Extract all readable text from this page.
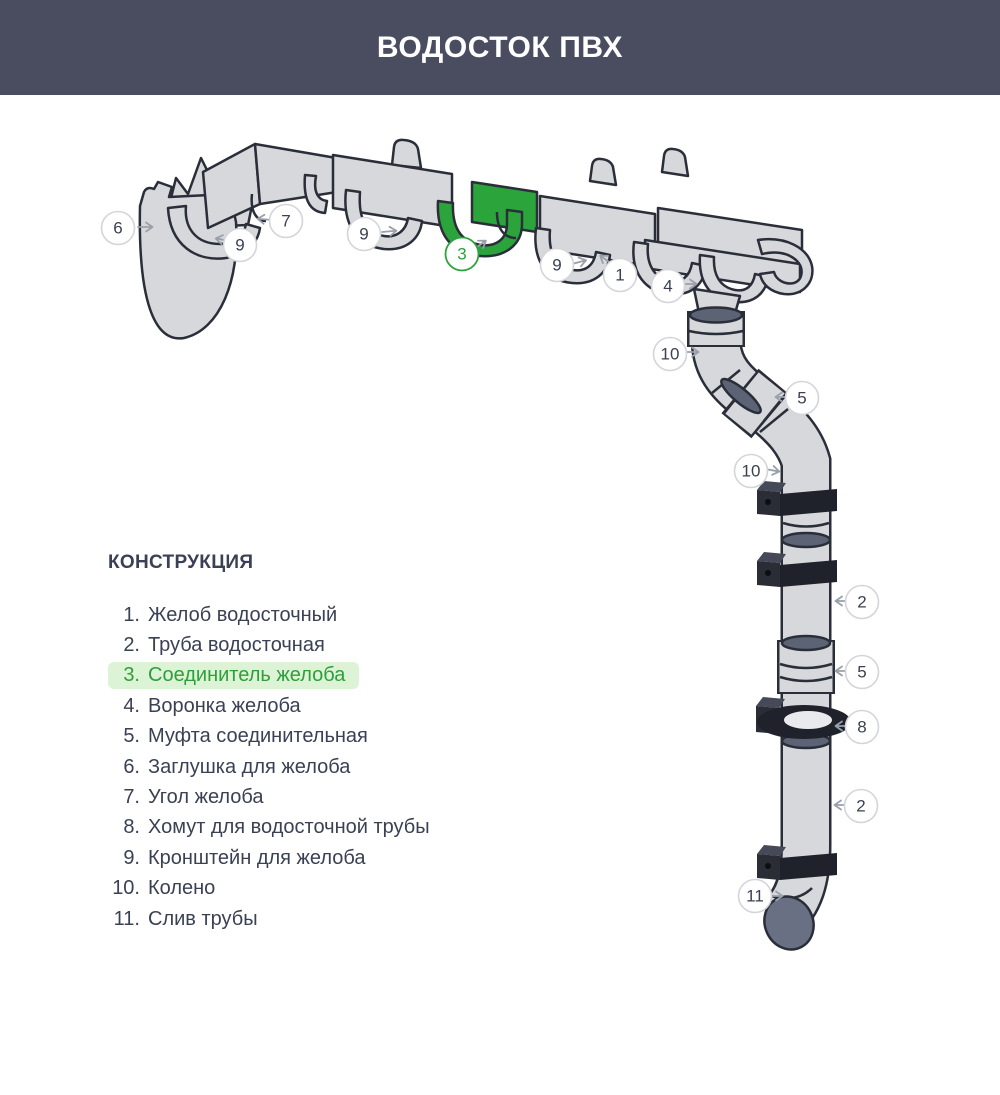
ВОДОСТОК ПВХ
6
9
7
9
3
9
1
4
10
5
10
2
5
8
2
11
КОНСТРУКЦИЯ
1. Желоб водосточный
2. Труба водосточная
3. Соединитель желоба
4. Воронка желоба
5. Муфта соединительная
6. Заглушка для желоба
7. Угол желоба
8. Хомут для водосточной трубы
9. Кронштейн для желоба
10. Колено
11. Слив трубы
